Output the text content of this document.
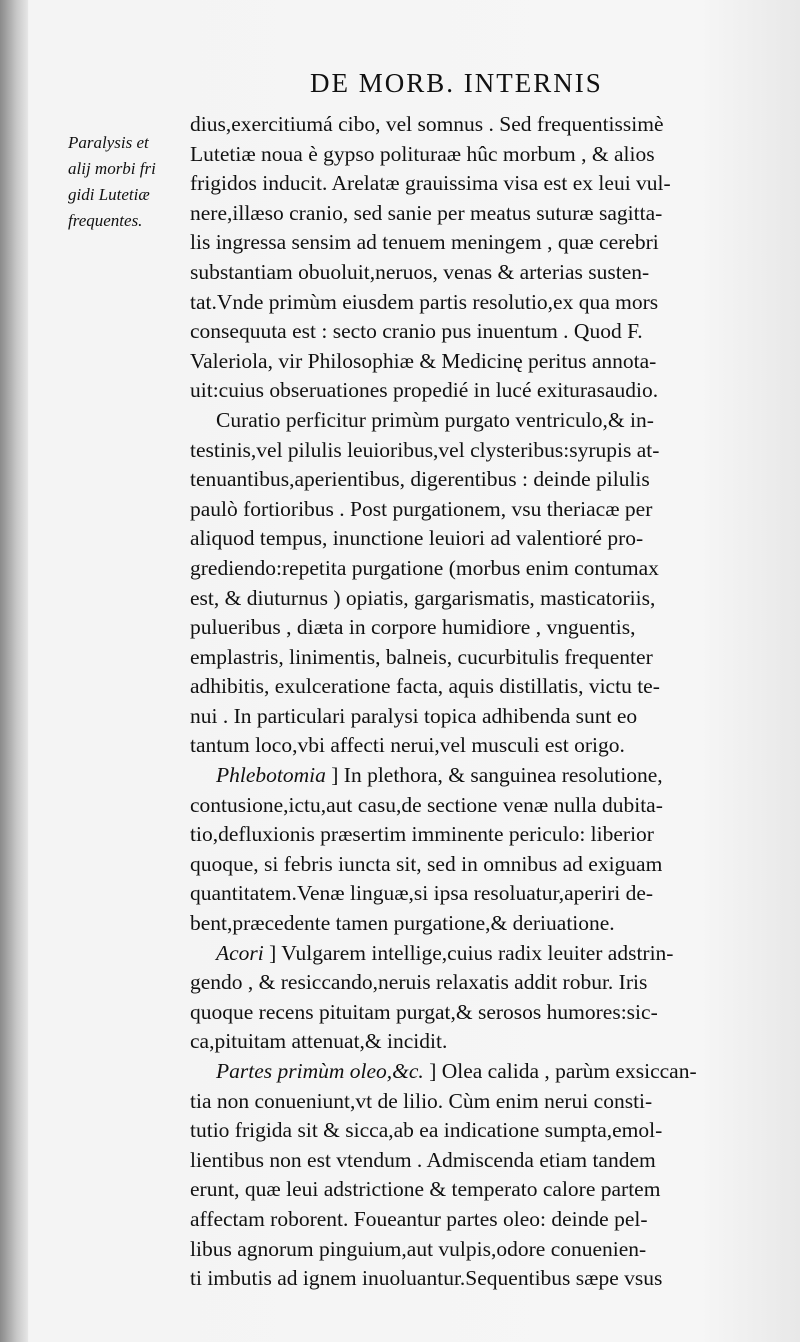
DE MORB. INTERNIS
Paralysis et
alij morbi fri
gidi Lutetiæ
frequentes.
dius,exercitiumá cibo, vel somnus . Sed frequentissimè
Lutetiæ noua è gypso polituraæ hûc morbum , & alios
frigidos inducit. Arelatæ grauissima visa est ex leui vul-
nere,illæso cranio, sed sanie per meatus suturæ sagitta-
lis ingressa sensim ad tenuem meningem , quæ cerebri
substantiam obuoluit,neruos, venas & arterias susten-
tat.Vnde primùm eiusdem partis resolutio,ex qua mors
consequuta est : secto cranio pus inuentum . Quod F.
Valeriola, vir Philosophiæ & Medicinę peritus annota-
uit:cuius obseruationes propedié in lucé exiturasaudio.
Curatio perficitur primùm purgato ventriculo,& in-
testinis,vel pilulis leuioribus,vel clysteribus:syrupis at-
tenuantibus,aperientibus, digerentibus : deinde pilulis
paulò fortioribus . Post purgationem, vsu theriacæ per
aliquod tempus, inunctione leuiori ad valentioré pro-
grediendo:repetita purgatione (morbus enim contumax
est, & diuturnus ) opiatis, gargarismatis, masticatoriis,
pulueribus , diæta in corpore humidiore , vnguentis,
emplastris, linimentis, balneis, cucurbitulis frequenter
adhibitis, exulceratione facta, aquis distillatis, victu te-
nui . In particulari paralysi topica adhibenda sunt eo
tantum loco,vbi affecti nerui,vel musculi est origo.
Phlebotomia ] In plethora, & sanguinea resolutione,
contusione,ictu,aut casu,de sectione venæ nulla dubita-
tio,defluxionis præsertim imminente periculo: liberior
quoque, si febris iuncta sit, sed in omnibus ad exiguam
quantitatem.Venæ linguæ,si ipsa resoluatur,aperiri de-
bent,præcedente tamen purgatione,& deriuatione.
Acori ] Vulgarem intellige,cuius radix leuiter adstrin-
gendo , & resiccando,neruis relaxatis addit robur. Iris
quoque recens pituitam purgat,& serosos humores:sic-
ca,pituitam attenuat,& incidit.
Partes primùm oleo,&c. ] Olea calida , parùm exsiccan-
tia non conueniunt,vt de lilio. Cùm enim nerui consti-
tutio frigida sit & sicca,ab ea indicatione sumpta,emol-
lientibus non est vtendum . Admiscenda etiam tandem
erunt, quæ leui adstrictione & temperato calore partem
affectam roborent. Foueantur partes oleo: deinde pel-
libus agnorum pinguium,aut vulpis,odore conuenien-
ti imbutis ad ignem inuoluantur.Sequentibus sæpe vsus
